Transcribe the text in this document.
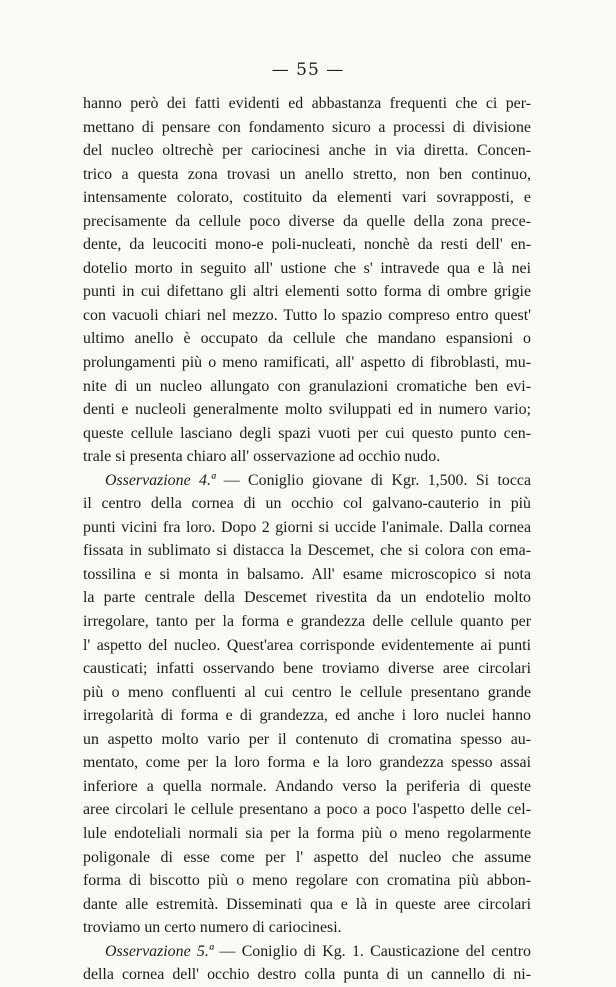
— 55 —
hanno però dei fatti evidenti ed abbastanza frequenti che ci per-
mettano di pensare con fondamento sicuro a processi di divisione
del nucleo oltrechè per cariocinesi anche in via diretta. Concen-
trico a questa zona trovasi un anello stretto, non ben continuo,
intensamente colorato, costituito da elementi vari sovrapposti, e
precisamente da cellule poco diverse da quelle della zona prece-
dente, da leucociti mono-e poli-nucleati, nonchè da resti dell' en-
dotelio morto in seguito all' ustione che s' intravede qua e là nei
punti in cui difettano gli altri elementi sotto forma di ombre grigie
con vacuoli chiari nel mezzo. Tutto lo spazio compreso entro quest'
ultimo anello è occupato da cellule che mandano espansioni o
prolungamenti più o meno ramificati, all' aspetto di fibroblasti, mu-
nite di un nucleo allungato con granulazioni cromatiche ben evi-
denti e nucleoli generalmente molto sviluppati ed in numero vario;
queste cellule lasciano degli spazi vuoti per cui questo punto cen-
trale si presenta chiaro all' osservazione ad occhio nudo.
Osservazione 4.ª — Coniglio giovane di Kgr. 1,500. Si tocca
il centro della cornea di un occhio col galvano-cauterio in più
punti vicini fra loro. Dopo 2 giorni si uccide l'animale. Dalla cornea
fissata in sublimato si distacca la Descemet, che si colora con ema-
tossilina e si monta in balsamo. All' esame microscopico si nota
la parte centrale della Descemet rivestita da un endotelio molto
irregolare, tanto per la forma e grandezza delle cellule quanto per
l' aspetto del nucleo. Quest'area corrisponde evidentemente ai punti
causticati; infatti osservando bene troviamo diverse aree circolari
più o meno confluenti al cui centro le cellule presentano grande
irregolarità di forma e di grandezza, ed anche i loro nuclei hanno
un aspetto molto vario per il contenuto di cromatina spesso au-
mentato, come per la loro forma e la loro grandezza spesso assai
inferiore a quella normale. Andando verso la periferia di queste
aree circolari le cellule presentano a poco a poco l'aspetto delle cel-
lule endoteliali normali sia per la forma più o meno regolarmente
poligonale di esse come per l' aspetto del nucleo che assume
forma di biscotto più o meno regolare con cromatina più abbon-
dante alle estremità. Disseminati qua e là in queste aree circolari
troviamo un certo numero di cariocinesi.
Osservazione 5.ª — Coniglio di Kg. 1. Causticazione del centro
della cornea dell' occhio destro colla punta di un cannello di ni-
